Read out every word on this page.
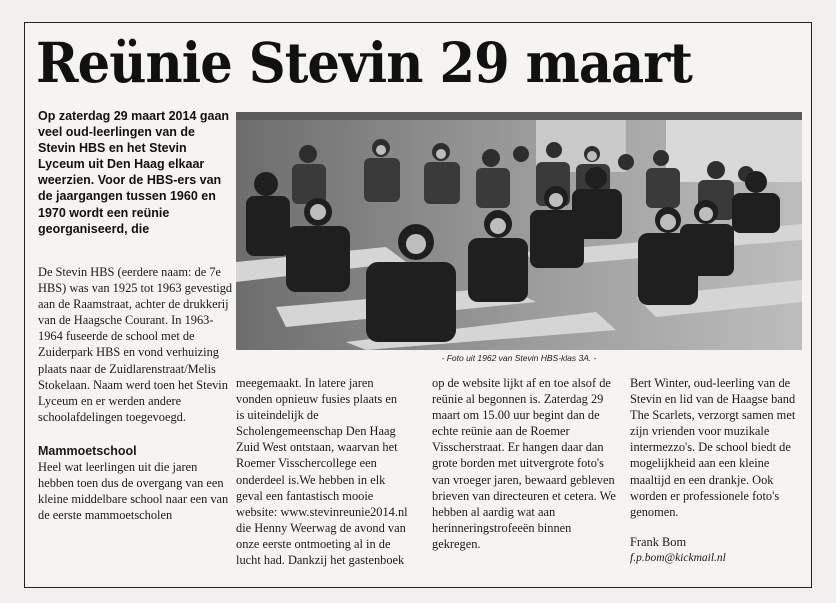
Reünie Stevin 29 maart
Op zaterdag 29 maart 2014 gaan veel oud-leerlingen van de Stevin HBS en het Stevin Lyceum uit Den Haag elkaar weerzien. Voor de HBS-ers van de jaargangen tussen 1960 en 1970 wordt een reünie georganiseerd, die
- Foto uit 1962 van Stevin HBS-klas 3A. -

De Stevin HBS (eerdere naam: de 7e HBS) was van 1925 tot 1963 gevestigd aan de Raamstraat, achter de drukkerij van de Haagsche Courant. In 1963-1964 fuseerde de school met de Zuiderpark HBS en vond verhuizing plaats naar de Zuidlarenstraat/Melis Stokelaan. Naam werd toen het Stevin Lyceum en er werden andere schoolafdelingen toegevoegd.

Mammoetschool

Heel wat leerlingen uit die jaren hebben toen dus de overgang van een kleine middelbare school naar een van de eerste mammoetscholen

meegemaakt. In latere jaren vonden opnieuw fusies plaats en is uiteindelijk de Scholengemeenschap Den Haag Zuid West ontstaan, waarvan het Roemer Visschercollege een onderdeel is.We hebben in elk geval een fantastisch mooie website: www.stevinreunie2014.nl die Henny Weerwag de avond van onze eerste ontmoeting al in de lucht had. Dankzij het gastenboek

op de website lijkt af en toe alsof de reünie al begonnen is. Zaterdag 29 maart om 15.00 uur begint dan de echte reünie aan de Roemer Visscherstraat. Er hangen daar dan grote borden met uitvergrote foto's van vroeger jaren, bewaard gebleven brieven van directeuren et cetera. We hebben al aardig wat aan herinneringstrofeeën binnen gekregen.

Bert Winter, oud-leerling van de Stevin en lid van de Haagse band The Scarlets, verzorgt samen met zijn vrienden voor muzikale intermezzo's. De school biedt de mogelijkheid aan een kleine maaltijd en een drankje. Ook worden er professionele foto's genomen.

Frank Bom

f.p.bom@kickmail.nl
